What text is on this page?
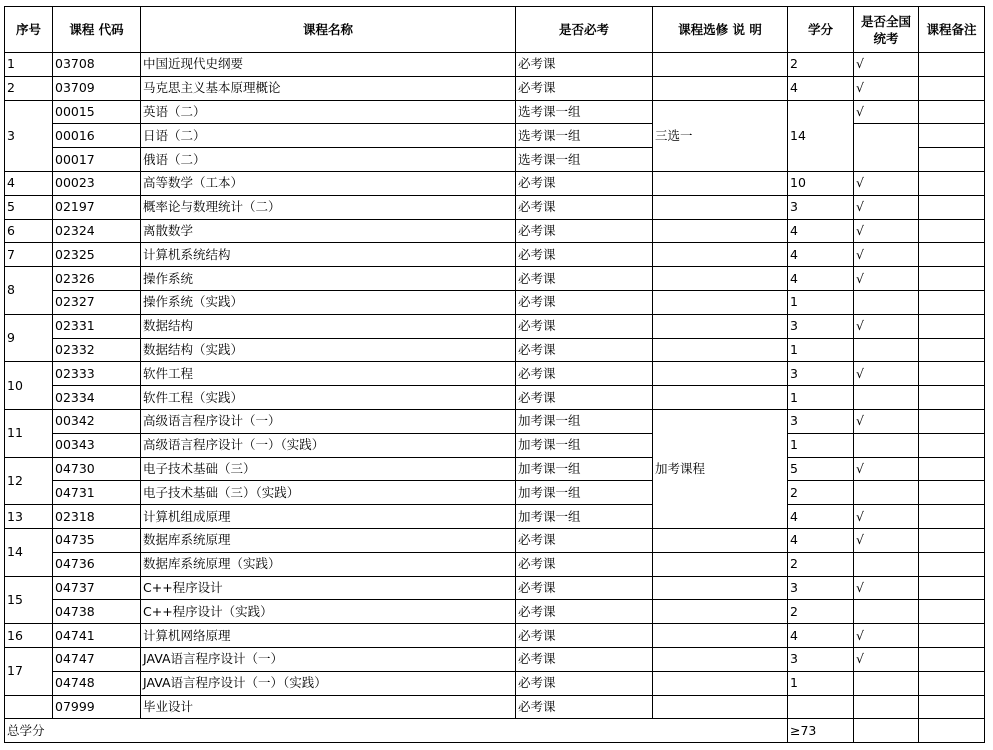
序号	课程 代码	课程名称	是否必考	课程选修 说 明	学分	是否全国统考	课程备注
1	03708	中国近现代史纲要	必考课		2	√	
2	03709	马克思主义基本原理概论	必考课		4	√	
3	00015	英语（二）	选考课一组	三选一	14	√	
	00016	日语（二）	选考课一组				
	00017	俄语（二）	选考课一组				
4	00023	高等数学（工本）	必考课		10	√	
5	02197	概率论与数理统计（二）	必考课		3	√	
6	02324	离散数学	必考课		4	√	
7	02325	计算机系统结构	必考课		4	√	
8	02326	操作系统	必考课		4	√	
	02327	操作系统（实践）	必考课		1		
9	02331	数据结构	必考课		3	√	
	02332	数据结构（实践）	必考课		1		
10	02333	软件工程	必考课		3	√	
	02334	软件工程（实践）	必考课		1		
11	00342	高级语言程序设计（一）	加考课一组	加考课程	3	√	
	00343	高级语言程序设计（一）（实践）	加考课一组		1		
12	04730	电子技术基础（三）	加考课一组		5	√	
	04731	电子技术基础（三）（实践）	加考课一组		2		
13	02318	计算机组成原理	加考课一组		4	√	
14	04735	数据库系统原理	必考课		4	√	
	04736	数据库系统原理（实践）	必考课		2		
15	04737	C++程序设计	必考课		3	√	
	04738	C++程序设计（实践）	必考课		2		
16	04741	计算机网络原理	必考课		4	√	
17	04747	JAVA语言程序设计（一）	必考课		3	√	
	04748	JAVA语言程序设计（一）（实践）	必考课		1		
	07999	毕业设计	必考课				
总学分					≥73		
